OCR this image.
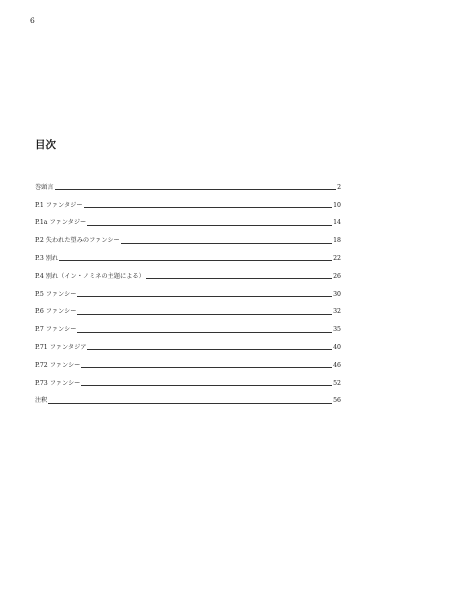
6
目次
巻頭言	2
P.1 ファンタジー	10
P.1a ファンタジー	14
P.2 失われた望みのファンシー	18
P.3 別れ	22
P.4 別れ（イン・ノミネの主題による）	26
P.5 ファンシー	30
P.6 ファンシー	32
P.7 ファンシー	35
P.71 ファンタジア	40
P.72 ファンシー	46
P.73 ファンシー	52
注釈	56
